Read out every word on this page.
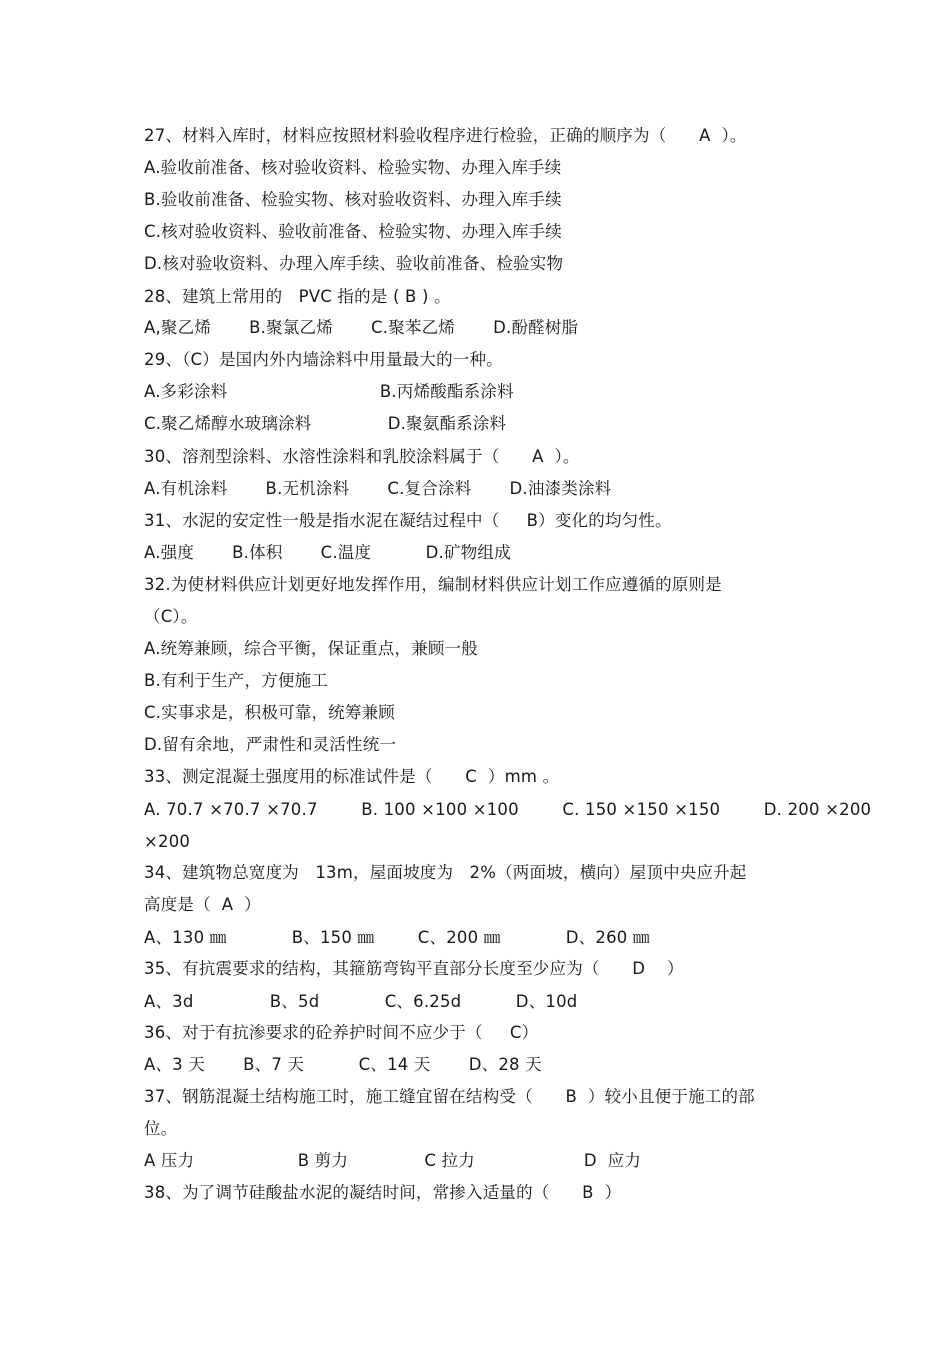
27、材料入库时，材料应按照材料验收程序进行检验，正确的顺序为（      A  ）。
A.验收前准备、核对验收资料、检验实物、办理入库手续
B.验收前准备、检验实物、核对验收资料、办理入库手续
C.核对验收资料、验收前准备、检验实物、办理入库手续
D.核对验收资料、办理入库手续、验收前准备、检验实物
28、建筑上常用的   PVC 指的是 ( B ) 。
A,聚乙烯       B.聚氯乙烯       C.聚苯乙烯       D.酚醛树脂
29、（C）是国内外内墙涂料中用量最大的一种。
A.多彩涂料                            B.丙烯酸酯系涂料
C.聚乙烯醇水玻璃涂料              D.聚氨酯系涂料
30、溶剂型涂料、水溶性涂料和乳胶涂料属于（      A  ）。
A.有机涂料       B.无机涂料       C.复合涂料       D.油漆类涂料
31、水泥的安定性一般是指水泥在凝结过程中（     B）变化的均匀性。
A.强度       B.体积       C.温度          D.矿物组成
32.为使材料供应计划更好地发挥作用，编制材料供应计划工作应遵循的原则是
（C）。
A.统筹兼顾，综合平衡，保证重点，兼顾一般
B.有利于生产，方便施工
C.实事求是，积极可靠，统筹兼顾
D.留有余地，严肃性和灵活性统一
33、测定混凝土强度用的标准试件是（      C  ）mm 。
A. 70.7 ×70.7 ×70.7        B. 100 ×100 ×100        C. 150 ×150 ×150        D. 200 ×200
×200
34、建筑物总宽度为   13m，屋面坡度为   2%（两面坡，横向）屋顶中央应升起
高度是（  A  ）
A、130 ㎜            B、150 ㎜        C、200 ㎜            D、260 ㎜
35、有抗震要求的结构，其箍筋弯钩平直部分长度至少应为（      D    ）
A、3d              B、5d            C、6.25d          D、10d
36、对于有抗渗要求的砼养护时间不应少于（     C）
A、3 天       B、7 天          C、14 天       D、28 天
37、钢筋混凝土结构施工时，施工缝宜留在结构受（      B  ）较小且便于施工的部
位。
A 压力                   B 剪力              C 拉力                    D  应力
38、为了调节硅酸盐水泥的凝结时间，常掺入适量的（      B  ）
